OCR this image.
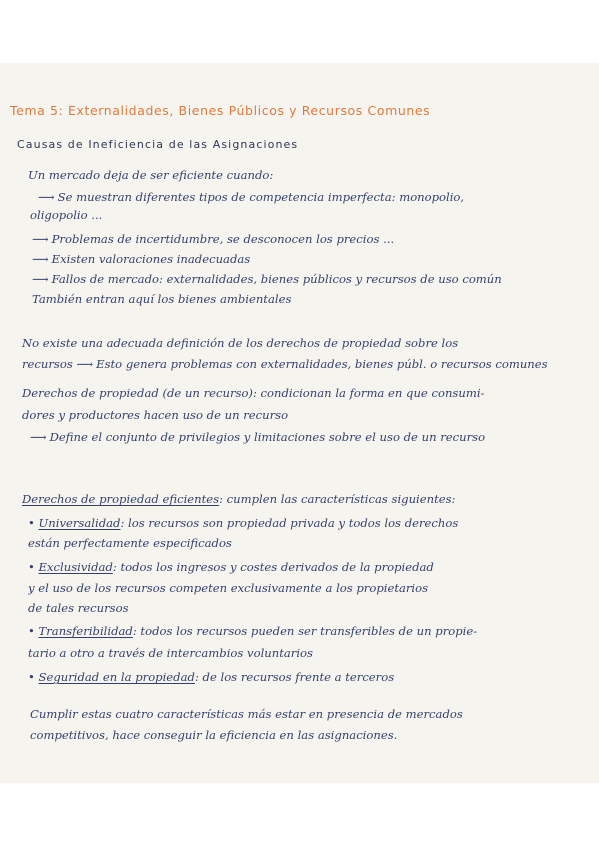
Tema 5: Externalidades, Bienes Públicos y Recursos Comunes
Causas de Ineficiencia de las Asignaciones
Un mercado deja de ser eficiente cuando:
⟶ Se muestran diferentes tipos de competencia imperfecta: monopolio,
oligopolio ...
⟶ Problemas de incertidumbre, se desconocen los precios ...
⟶ Existen valoraciones inadecuadas
⟶ Fallos de mercado: externalidades, bienes públicos y recursos de uso común
También entran aquí los bienes ambientales
No existe una adecuada definición de los derechos de propiedad sobre los
recursos ⟶ Esto genera problemas con externalidades, bienes públ. o recursos comunes
Derechos de propiedad (de un recurso): condicionan la forma en que consumi-
dores y productores hacen uso de un recurso
⟶ Define el conjunto de privilegios y limitaciones sobre el uso de un recurso
Derechos de propiedad eficientes: cumplen las características siguientes:
• Universalidad: los recursos son propiedad privada y todos los derechos
están perfectamente especificados
• Exclusividad: todos los ingresos y costes derivados de la propiedad
y el uso de los recursos competen exclusivamente a los propietarios
de tales recursos
• Transferibilidad: todos los recursos pueden ser transferibles de un propie-
tario a otro a través de intercambios voluntarios
• Seguridad en la propiedad: de los recursos frente a terceros
Cumplir estas cuatro características más estar en presencia de mercados
competitivos, hace conseguir la eficiencia en las asignaciones.
